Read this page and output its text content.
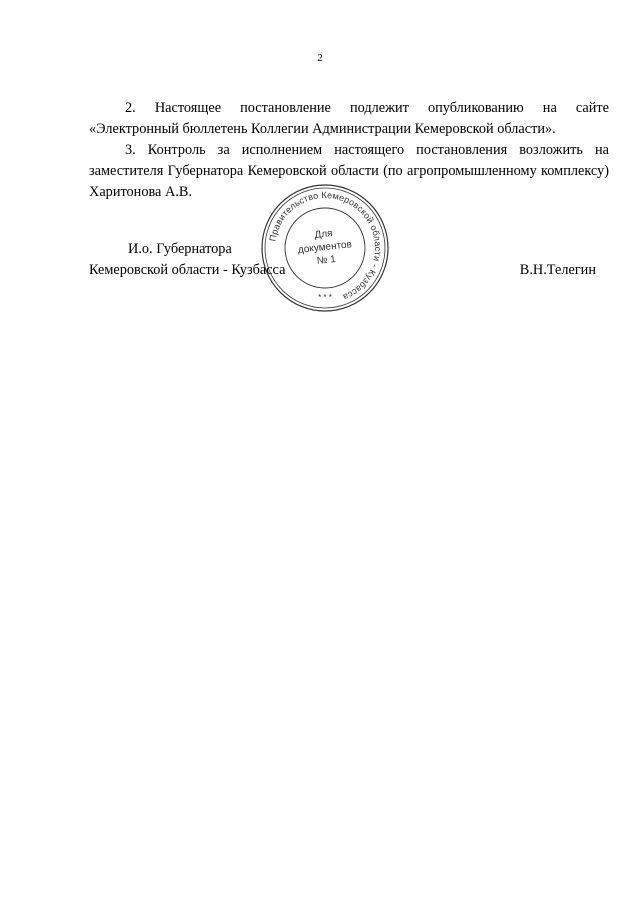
2

2. Настоящее постановление подлежит опубликованию на сайте «Электронный бюллетень Коллегии Администрации Кемеровской области».

3. Контроль за исполнением настоящего постановления возложить на заместителя Губернатора Кемеровской области (по агропромышленному комплексу) Харитонова А.В.

И.о. Губернатора
Кемеровской области - Кузбасса	В.Н.Телегин
Правительство Кемеровской области - Кузбасса
* * *
Для
документов
№ 1
